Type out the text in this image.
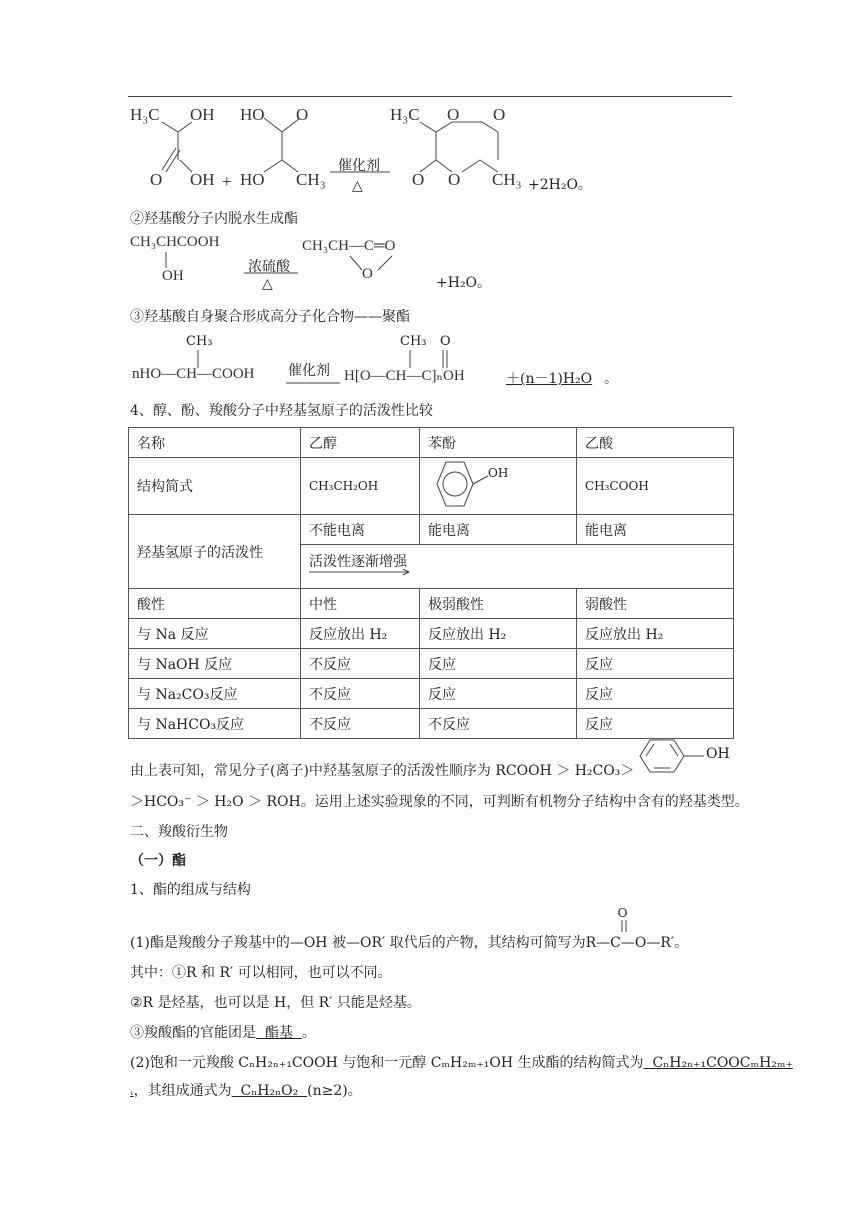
H₃C OH
O OH +
HO O
HO CH₃
催化剂
△
H₃C O O
O O CH₃ +2H₂O。
②羟基酸分子内脱水生成酯
CH₃CHCOOH
OH
浓硫酸
△
CH₃CH—C═O
O
+H₂O。
③羟基酸自身聚合形成高分子化合物——聚酯
CH₃
nHO—CH—COOH 催化剂
CH₃ O
H[O—CH—C]ₙOH	＋(n－1)H₂O 。
4、醇、酚、羧酸分子中羟基氢原子的活泼性比较
名称	乙醇	苯酚	乙酸
结构简式	CH₃CH₂OH	OH	CH₃COOH
羟基氢原子的活泼性	不能电离	能电离	能电离
	活泼性逐渐增强		

酸性	中性	极弱酸性	弱酸性
与 Na 反应	反应放出 H₂	反应放出 H₂	反应放出 H₂
与 NaOH 反应	不反应	反应	反应
与 Na₂CO₃反应	不反应	反应	反应
与 NaHCO₃反应	不反应	不反应	反应
由上表可知，常见分子(离子)中羟基氢原子的活泼性顺序为 RCOOH ＞ H₂CO₃＞
OH
＞HCO₃⁻ ＞ H₂O ＞ ROH。运用上述实验现象的不同，可判断有机物分子结构中含有的羟基类型。
二、羧酸衍生物
（一）酯
1、酯的组成与结构
(1)酯是羧酸分子羧基中的—OH 被—OR′ 取代后的产物，其结构可简写为
O
R—C—O—R′。
其中：①R 和 R′ 可以相同，也可以不同。
②R 是烃基，也可以是 H，但 R′ 只能是烃基。
③羧酸酯的官能团是  酯基  。
(2)饱和一元羧酸 CₙH₂ₙ₊₁COOH 与饱和一元醇 CₘH₂ₘ₊₁OH 生成酯的结构简式为  CₙH₂ₙ₊₁COOCₘH₂ₘ₊
₁，其组成通式为  CₙH₂ₙO₂  (n≥2)。
